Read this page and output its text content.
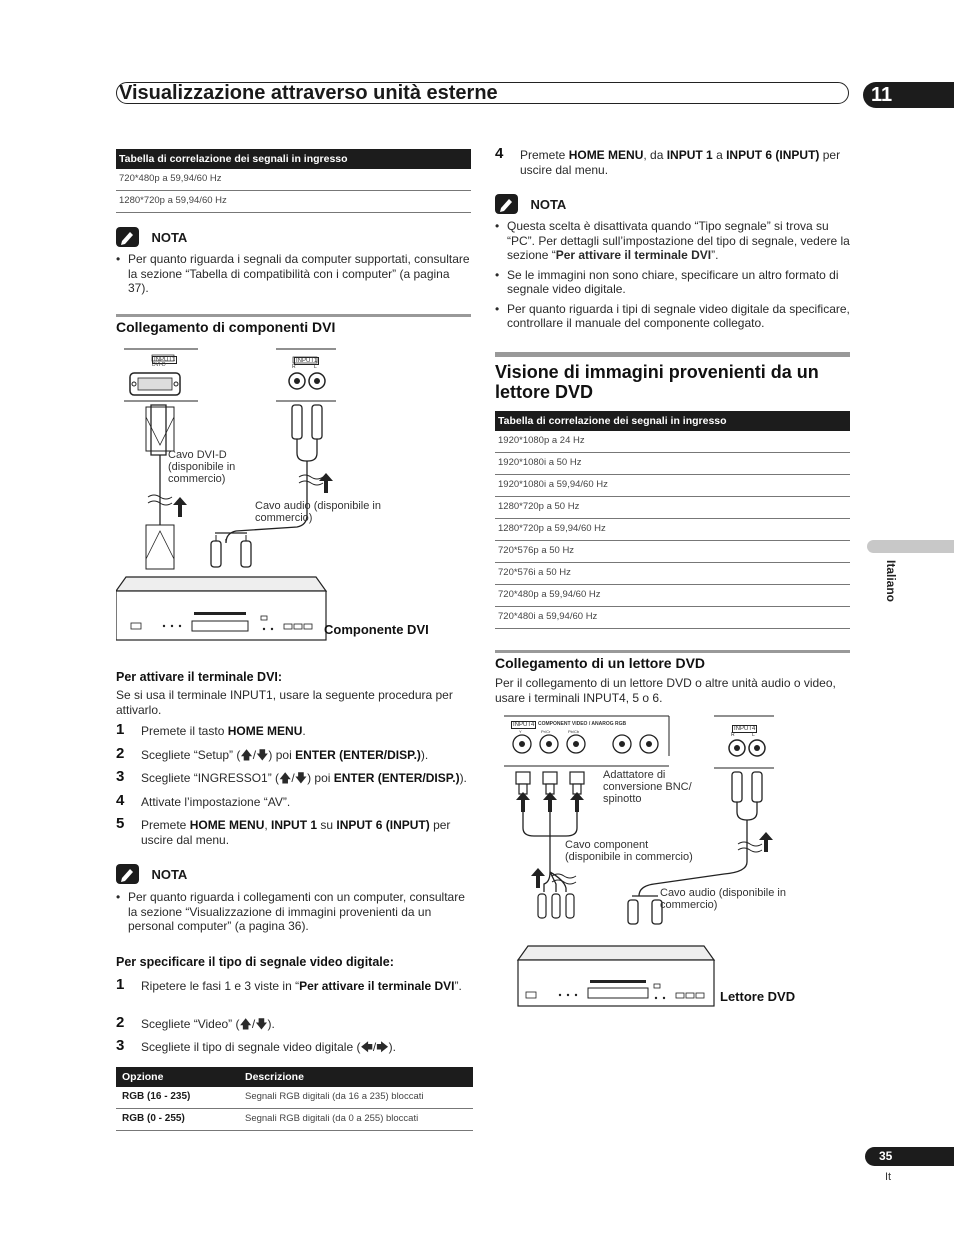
Visualizzazione attraverso unità esterne	11
Italiano
Tabella di correlazione dei segnali in ingresso
720*480p a 59,94/60 Hz
1280*720p a 59,94/60 Hz
NOTA
• Per quanto riguarda i segnali da computer supportati, consultare la sezione “Tabella di compatibilità con i computer” (a pagina 37).
Collegamento di componenti DVI
INPUT1
DVI-D
INPUT1
R	L
Cavo DVI-D
(disponibile in
commercio)
Cavo audio (disponibile in
commercio)
Componente DVI
Per attivare il terminale DVI:
Se si usa il terminale INPUT1, usare la seguente procedura per attivarlo.
1 Premete il tasto HOME MENU.
2 Scegliete “Setup” (🡅/🡇) poi ENTER (ENTER/DISP.)).
3 Scegliete “INGRESSO1” (🡅/🡇) poi ENTER (ENTER/DISP.)).
4 Attivate l’impostazione “AV”.
5 Premete HOME MENU, INPUT 1 su INPUT 6 (INPUT) per uscire dal menu.
NOTA
• Per quanto riguarda i collegamenti con un computer, consultare la sezione “Visualizzazione di immagini provenienti da un personal computer” (a pagina 36).
Per specificare il tipo di segnale video digitale:
1 Ripetere le fasi 1 e 3 viste in “Per attivare il terminale DVI”.
2 Scegliete “Video” (🡅/🡇).
3 Scegliete il tipo di segnale video digitale (🡄/🡆).
Opzione	Descrizione
RGB (16 - 235)	Segnali RGB digitali (da 16 a 235) bloccati
RGB (0 - 255)	Segnali RGB digitali (da 0 a 255) bloccati
4 Premete HOME MENU, da INPUT 1 a INPUT 6 (INPUT) per uscire dal menu.
NOTA
• Questa scelta è disattivata quando “Tipo segnale” si trova su “PC”. Per dettagli sull’impostazione del tipo di segnale, vedere la sezione “Per attivare il terminale DVI”.
• Se le immagini non sono chiare, specificare un altro formato di segnale video digitale.
• Per quanto riguarda i tipi di segnale video digitale da specificare, controllare il manuale del componente collegato.
Visione di immagini provenienti da un lettore DVD
Tabella di correlazione dei segnali in ingresso
1920*1080p a 24 Hz
1920*1080i a 50 Hz
1920*1080i a 59,94/60 Hz
1280*720p a 50 Hz
1280*720p a 59,94/60 Hz
720*576p a 50 Hz
720*576i a 50 Hz
720*480p a 59,94/60 Hz
720*480i a 59,94/60 Hz
Collegamento di un lettore DVD
Per il collegamento di un lettore DVD o altre unità audio o video, usare i terminali INPUT4, 5 o 6.
INPUT4 COMPONENT VIDEO / ANAROG RGB
Pr/Cr	Pb/Cb
Y	INPUT4
R	L
Adattatore di
conversione BNC/
spinotto
Cavo component
(disponibile in commercio)
Cavo audio (disponibile in
commercio)
Lettore DVD
35
It
